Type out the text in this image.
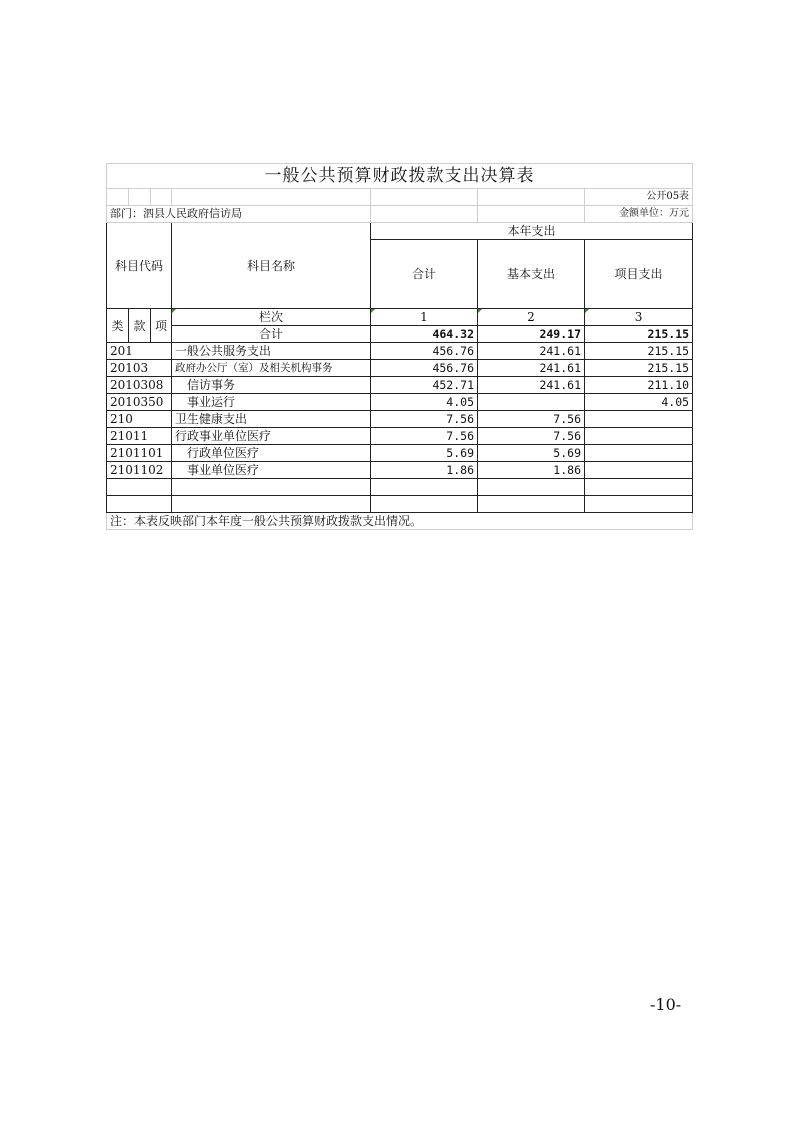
一般公共预算财政拨款支出决算表						
						公开05表
部门：泗县人民政府信访局						金额单位：万元
科目代码			科目名称	本年支出		
				合计	基本支出	项目支出
类	款	项	栏次	1	2	3
			合计	464.32	249.17	215.15
201			一般公共服务支出	456.76	241.61	215.15
20103			政府办公厅（室）及相关机构事务	456.76	241.61	215.15
2010308			信访事务	452.71	241.61	211.10
2010350			事业运行	4.05		4.05
210			卫生健康支出	7.56	7.56	
21011			行政事业单位医疗	7.56	7.56	
2101101			行政单位医疗	5.69	5.69	
2101102			事业单位医疗	1.86	1.86	

注：本表反映部门本年度一般公共预算财政拨款支出情况。						
-10-
